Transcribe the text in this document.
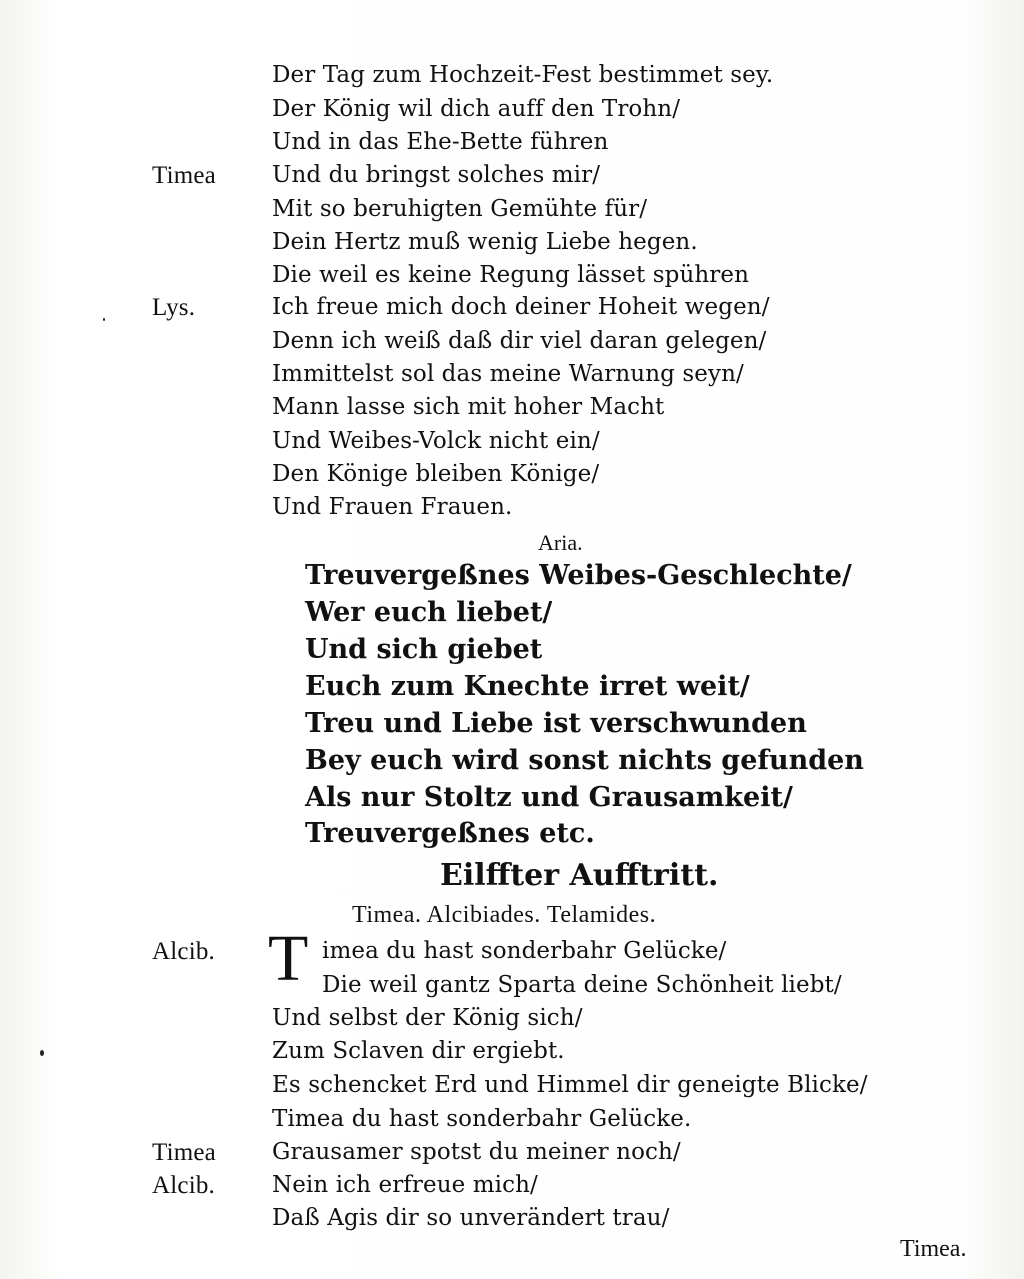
Der Tag zum Hochzeit-Fest bestimmet sey.
Der König wil dich auff den Trohn/
Und in das Ehe-Bette führen
Timea Und du bringst solches mir/
Mit so beruhigten Gemühte für/
Dein Hertz muß wenig Liebe hegen.
Die weil es keine Regung lässet spühren
Lys.	Ich freue mich doch deiner Hoheit wegen/
Denn ich weiß daß dir viel daran gelegen/
Immittelst sol das meine Warnung seyn/
Mann lasse sich mit hoher Macht
Und Weibes-Volck nicht ein/
Den Könige bleiben Könige/
Und Frauen Frauen.
Aria.
Treuvergeßnes Weibes-Geschlechte/
Wer euch liebet/
Und sich giebet
Euch zum Knechte irret weit/
Treu und Liebe ist verschwunden
Bey euch wird sonst nichts gefunden
Als nur Stoltz und Grausamkeit/
Treuvergeßnes etc.
Eilffter Aufftritt.
Timea. Alcibiades. Telamides.
Alcib. T imea du hast sonderbahr Gelücke/
Die weil gantz Sparta deine Schönheit liebt/
Und selbst der König sich/
Zum Sclaven dir ergiebt.
Es schencket Erd und Himmel dir geneigte Blicke/
Timea du hast sonderbahr Gelücke.
Timea Grausamer spotst du meiner noch/
Alcib. Nein ich erfreue mich/
Daß Agis dir so unverändert trau/
Timea.
